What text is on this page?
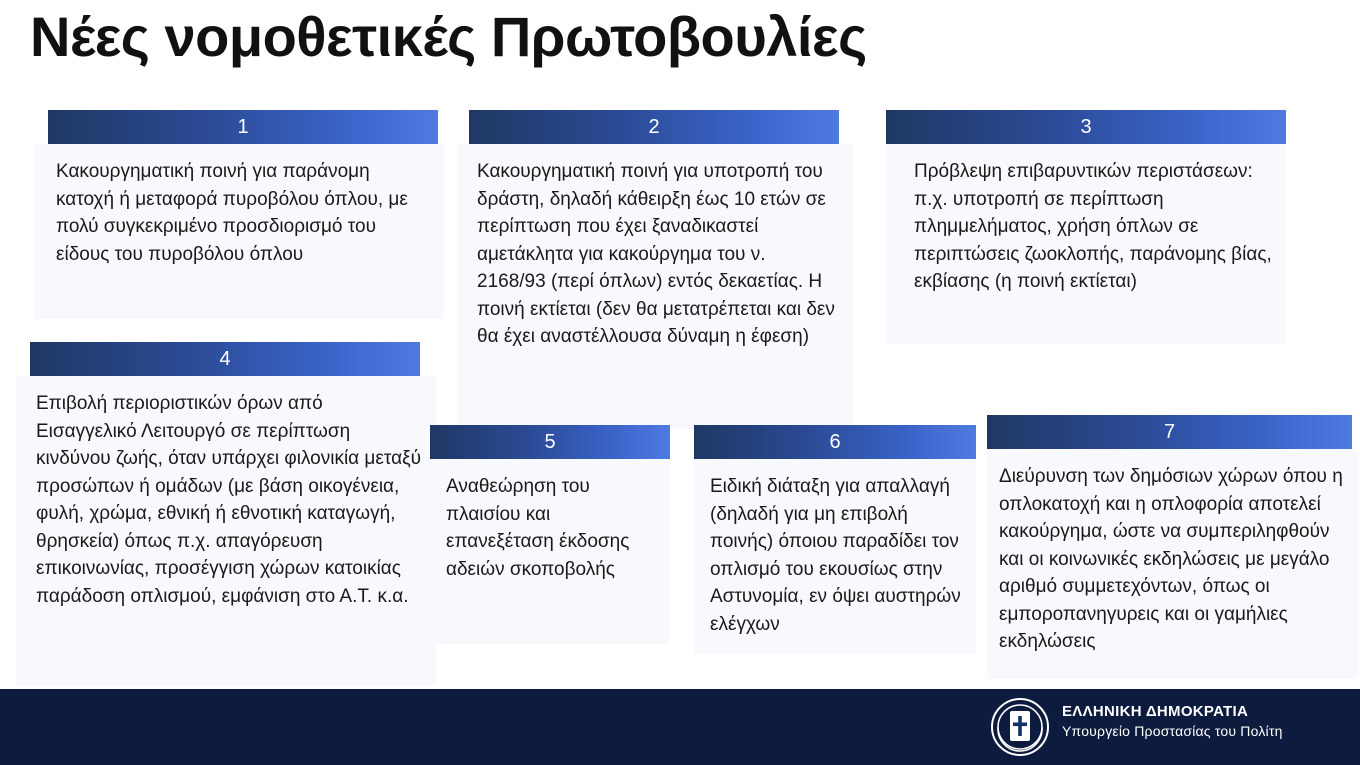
Νέες νομοθετικές Πρωτοβουλίες
1
Κακουργηματική ποινή για παράνομη κατοχή ή μεταφορά πυροβόλου όπλου, με πολύ συγκεκριμένο προσδιορισμό του είδους του πυροβόλου όπλου
2
Κακουργηματική ποινή για υποτροπή του δράστη, δηλαδή κάθειρξη έως 10 ετών σε περίπτωση που έχει ξαναδικαστεί αμετάκλητα για κακούργημα του ν. 2168/93 (περί όπλων) εντός δεκαετίας. Η ποινή εκτίεται (δεν θα μετατρέπεται και δεν θα έχει αναστέλλουσα δύναμη η έφεση)
3
Πρόβλεψη επιβαρυντικών περιστάσεων: π.χ. υποτροπή σε περίπτωση πλημμελήματος, χρήση όπλων σε περιπτώσεις ζωοκλοπής, παράνομης βίας, εκβίασης (η ποινή εκτίεται)
4
Επιβολή περιοριστικών όρων από Εισαγγελικό Λειτουργό σε περίπτωση κινδύνου ζωής, όταν υπάρχει φιλονικία μεταξύ προσώπων ή ομάδων (με βάση οικογένεια, φυλή, χρώμα, εθνική ή εθνοτική καταγωγή, θρησκεία) όπως π.χ. απαγόρευση επικοινωνίας, προσέγγιση χώρων κατοικίας παράδοση οπλισμού, εμφάνιση στο Α.Τ. κ.α.
5
Αναθεώρηση του πλαισίου και επανεξέταση έκδοσης αδειών σκοποβολής
6
Ειδική διάταξη για απαλλαγή (δηλαδή για μη επιβολή ποινής) όποιου παραδίδει τον οπλισμό του εκουσίως στην Αστυνομία, εν όψει αυστηρών ελέγχων
7
Διεύρυνση των δημόσιων χώρων όπου η οπλοκατοχή και η οπλοφορία αποτελεί κακούργημα, ώστε να συμπεριληφθούν και οι κοινωνικές εκδηλώσεις με μεγάλο αριθμό συμμετεχόντων, όπως οι εμποροπανηγυρεις και οι γαμήλιες εκδηλώσεις
ΕΛΛΗΝΙΚΗ ΔΗΜΟΚΡΑΤΙΑ
Υπουργείο Προστασίας του Πολίτη
